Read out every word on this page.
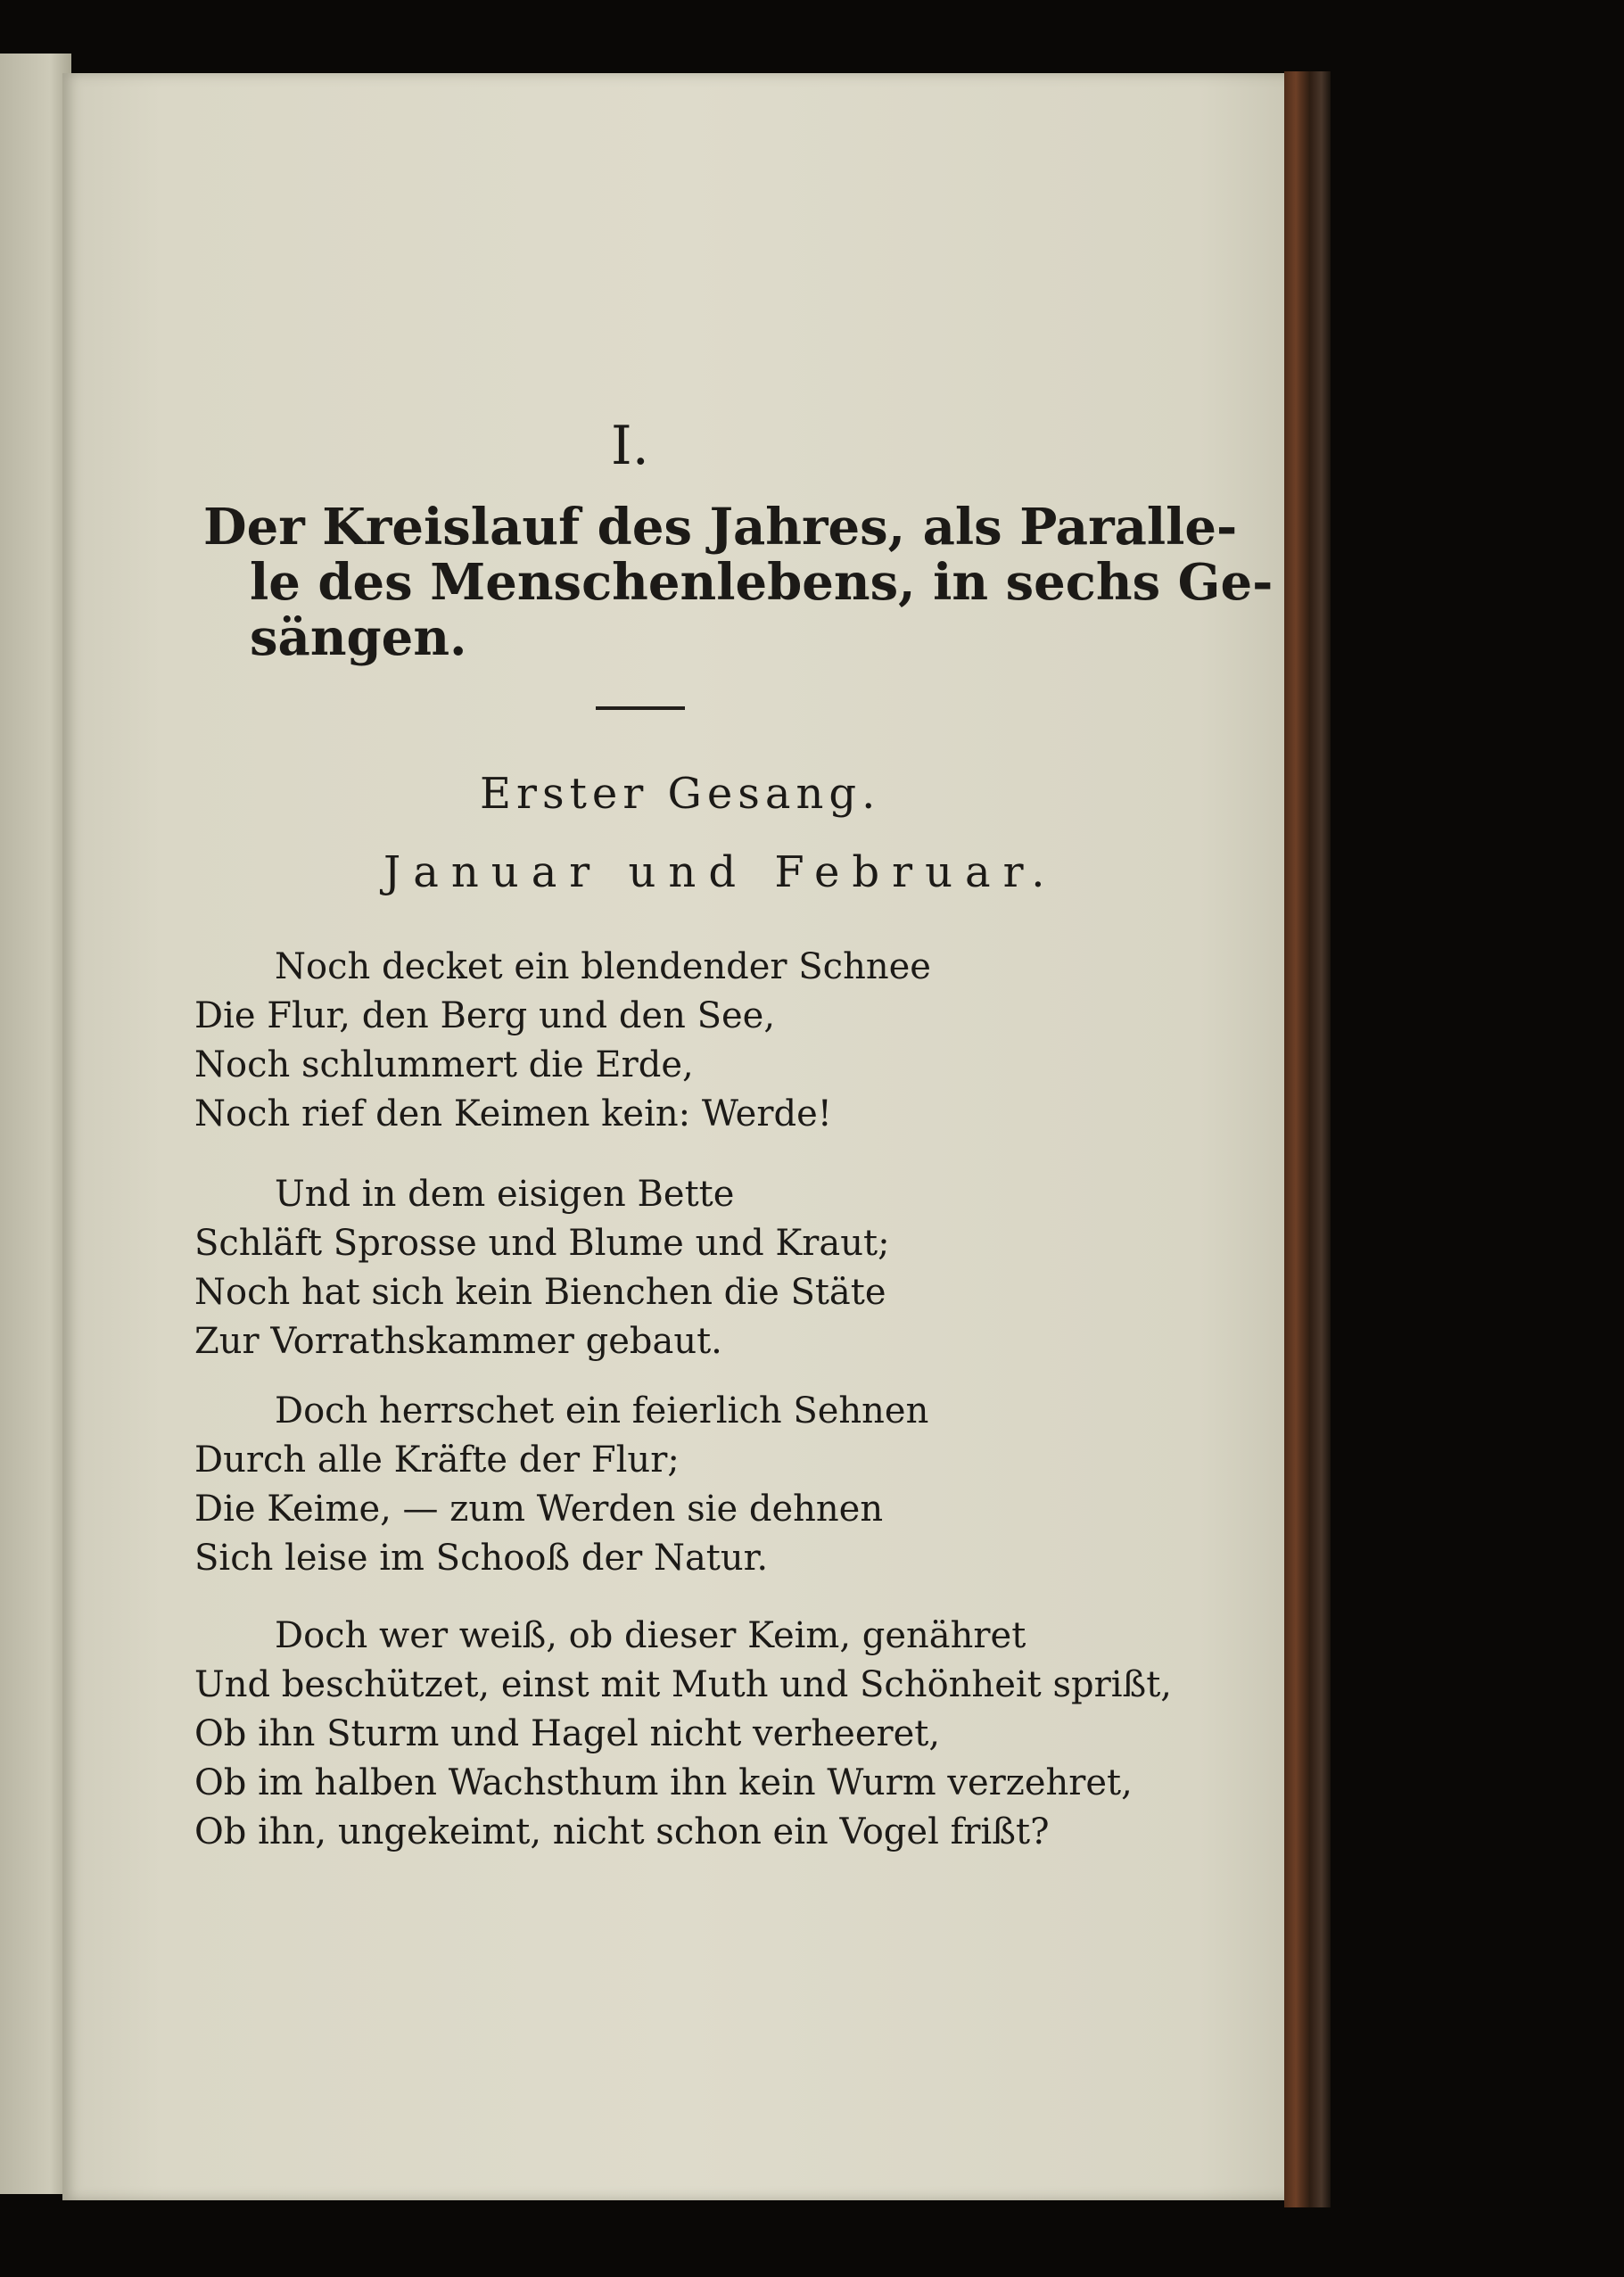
I.
Der Kreislauf des Jahres, als Paralle-
le des Menschenlebens, in sechs Ge-
sängen.
Erster Gesang.
Januar und Februar.
Noch decket ein blendender Schnee
Die Flur, den Berg und den See,
Noch schlummert die Erde,
Noch rief den Keimen kein: Werde!
Und in dem eisigen Bette
Schläft Sprosse und Blume und Kraut;
Noch hat sich kein Bienchen die Stäte
Zur Vorrathskammer gebaut.
Doch herrschet ein feierlich Sehnen
Durch alle Kräfte der Flur;
Die Keime, — zum Werden sie dehnen
Sich leise im Schooß der Natur.
Doch wer weiß, ob dieser Keim, genähret
Und beschützet, einst mit Muth und Schönheit sprißt,
Ob ihn Sturm und Hagel nicht verheeret,
Ob im halben Wachsthum ihn kein Wurm verzehret,
Ob ihn, ungekeimt, nicht schon ein Vogel frißt?
